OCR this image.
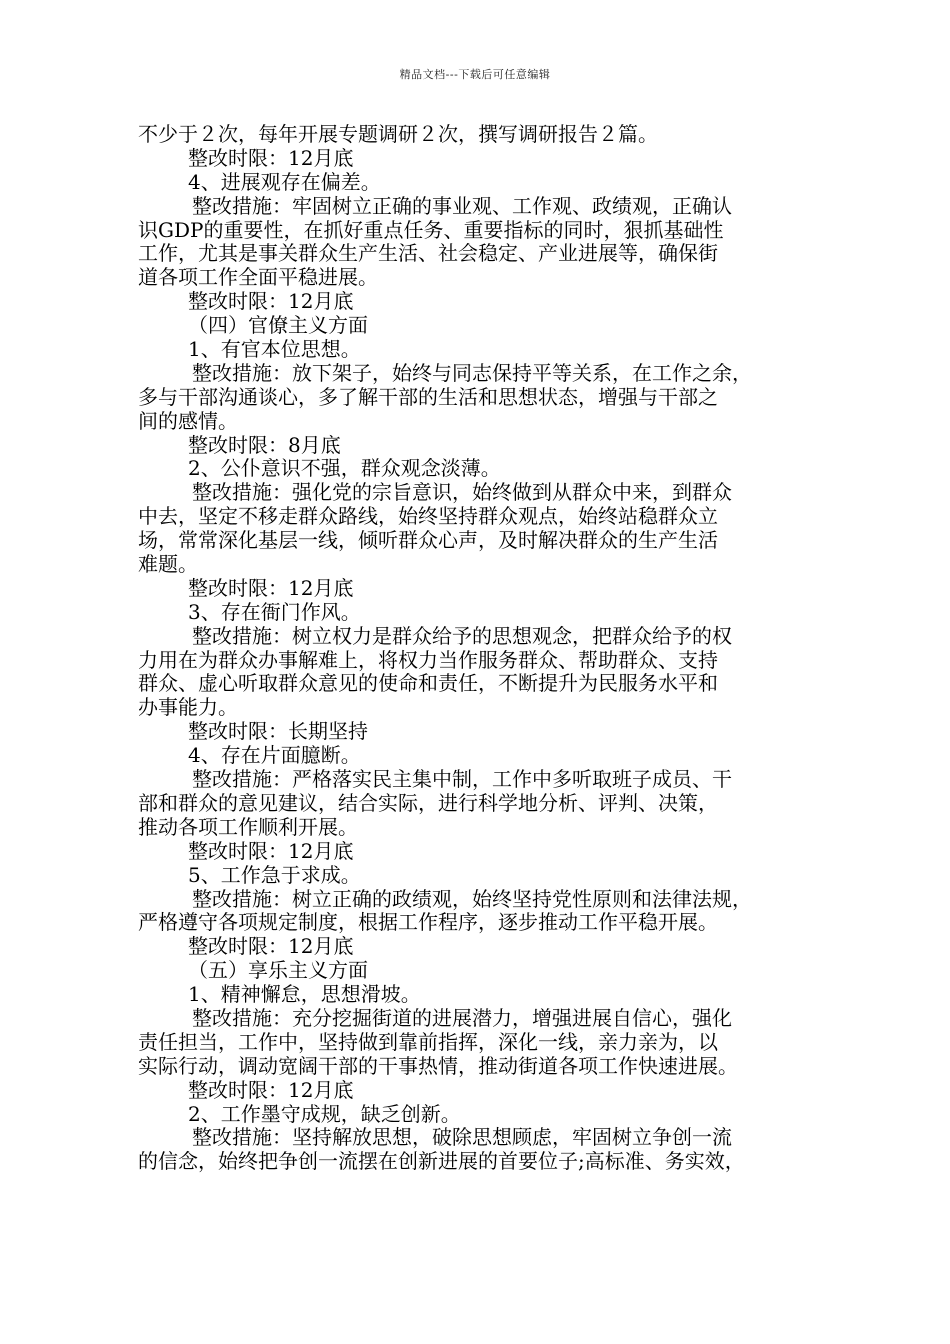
精品文档---下载后可任意编辑
不少于２次，每年开展专题调研２次，撰写调研报告２篇。
整改时限：12月底
4、进展观存在偏差。
整改措施：牢固树立正确的事业观、工作观、政绩观，正确认
识GDP的重要性，在抓好重点任务、重要指标的同时，狠抓基础性
工作，尤其是事关群众生产生活、社会稳定、产业进展等，确保街
道各项工作全面平稳进展。
整改时限：12月底
（四）官僚主义方面
1、有官本位思想。
整改措施：放下架子，始终与同志保持平等关系，在工作之余，
多与干部沟通谈心，多了解干部的生活和思想状态，增强与干部之
间的感情。
整改时限：8月底
2、公仆意识不强，群众观念淡薄。
整改措施：强化党的宗旨意识，始终做到从群众中来，到群众
中去，坚定不移走群众路线，始终坚持群众观点，始终站稳群众立
场，常常深化基层一线，倾听群众心声，及时解决群众的生产生活
难题。
整改时限：12月底
3、存在衙门作风。
整改措施：树立权力是群众给予的思想观念，把群众给予的权
力用在为群众办事解难上，将权力当作服务群众、帮助群众、支持
群众、虚心听取群众意见的使命和责任，不断提升为民服务水平和
办事能力。
整改时限：长期坚持
4、存在片面臆断。
整改措施：严格落实民主集中制，工作中多听取班子成员、干
部和群众的意见建议，结合实际，进行科学地分析、评判、决策，
推动各项工作顺利开展。
整改时限：12月底
5、工作急于求成。
整改措施：树立正确的政绩观，始终坚持党性原则和法律法规，
严格遵守各项规定制度，根据工作程序，逐步推动工作平稳开展。
整改时限：12月底
（五）享乐主义方面
1、精神懈怠，思想滑坡。
整改措施：充分挖掘街道的进展潜力，增强进展自信心，强化
责任担当，工作中，坚持做到靠前指挥，深化一线，亲力亲为，以
实际行动，调动宽阔干部的干事热情，推动街道各项工作快速进展。
整改时限：12月底
2、工作墨守成规，缺乏创新。
整改措施：坚持解放思想，破除思想顾虑，牢固树立争创一流
的信念，始终把争创一流摆在创新进展的首要位子;高标准、务实效，
